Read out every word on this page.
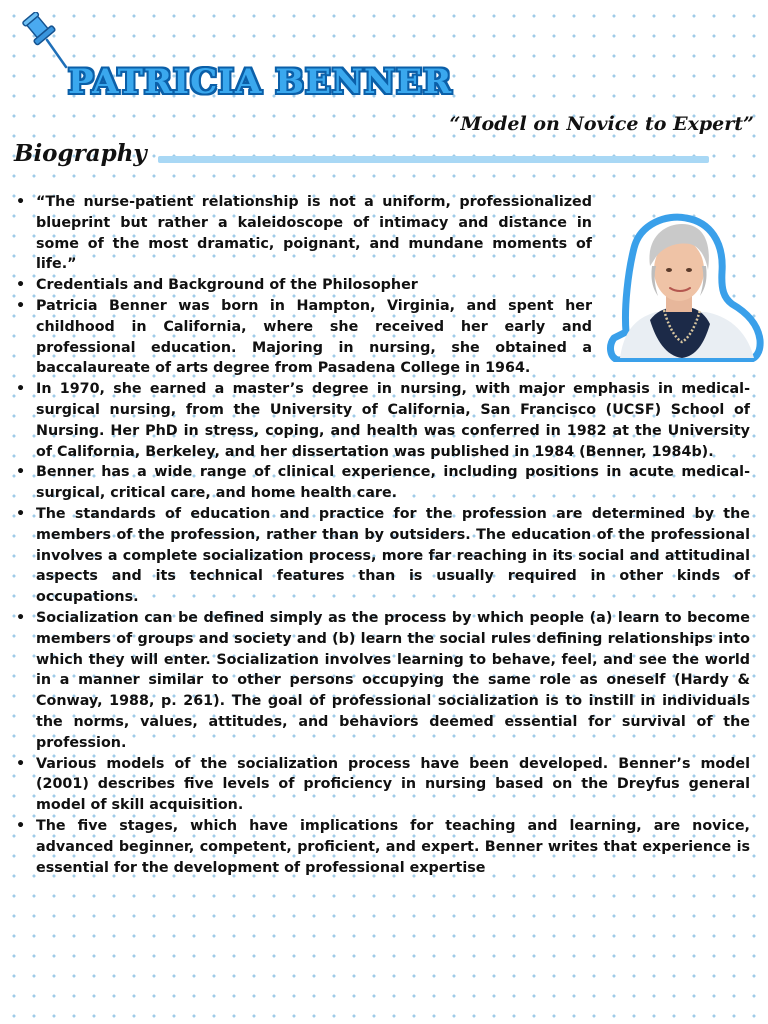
PATRICIA BENNER

“Model on Novice to Expert”

Biography

• “The nurse-patient relationship is not a uniform, professionalized blueprint but rather a kaleidoscope of intimacy and distance in some of the most dramatic, poignant, and mundane moments of life.”

• Credentials and Background of the Philosopher

• Patricia Benner was born in Hampton, Virginia, and spent her childhood in California, where she received her early and professional education. Majoring in nursing, she obtained a baccalaureate of arts degree from Pasadena College in 1964.

• In 1970, she earned a master’s degree in nursing, with major emphasis in medical- surgical nursing, from the University of California, San Francisco (UCSF) School of Nursing. Her PhD in stress, coping, and health was conferred in 1982 at the University of California, Berkeley, and her dissertation was published in 1984 (Benner, 1984b).

• Benner has a wide range of clinical experience, including positions in acute medical-surgical, critical care, and home health care.

• The standards of education and practice for the profession are determined by the members of the profession, rather than by outsiders. The education of the professional involves a complete socialization process, more far reaching in its social and attitudinal aspects and its technical features than is usually required in other kinds of occupations.

• Socialization can be defined simply as the process by which people (a) learn to become members of groups and society and (b) learn the social rules defining relationships into which they will enter. Socialization involves learning to behave, feel, and see the world in a manner similar to other persons occupying the same role as oneself (Hardy & Conway, 1988, p. 261). The goal of professional socialization is to instill in individuals the norms, values, attitudes, and behaviors deemed essential for survival of the profession.

• Various models of the socialization process have been developed. Benner’s model (2001) describes five levels of proficiency in nursing based on the Dreyfus general model of skill acquisition.

• The five stages, which have implications for teaching and learning, are novice, advanced beginner, competent, proficient, and expert. Benner writes that experience is essential for the development of professional expertise
